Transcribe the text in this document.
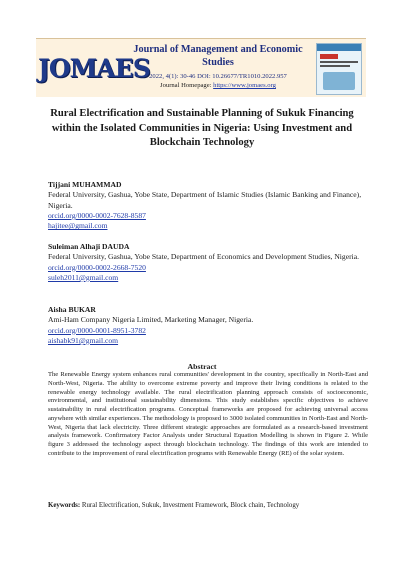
JOMAES
Journal of Management and Economic Studies
2022, 4(1): 30-46 DOI: 10.26677/TR1010.2022.957
Journal Homepage: https://www.jomaes.org
Rural Electrification and Sustainable Planning of Sukuk Financing within the Isolated Communities in Nigeria: Using Investment and Blockchain Technology
Tijjani MUHAMMAD
Federal University, Gashua, Yobe State, Department of Islamic Studies (Islamic Banking and Finance), Nigeria.
orcid.org/0000-0002-7628-8587
hajitee@gmail.com
Suleiman Alhaji DAUDA
Federal University, Gashua, Yobe State, Department of Economics and Development Studies, Nigeria.
orcid.org/0000-0002-2668-7520
suleh2011@gmail.com
Aisha BUKAR
Ami-Ham Company Nigeria Limited, Marketing Manager, Nigeria.
orcid.org/0000-0001-8951-3782
aishabk91@gmail.com
Abstract
The Renewable Energy system enhances rural communities' development in the country, specifically in North-East and North-West, Nigeria. The ability to overcome extreme poverty and improve their living conditions is related to the renewable energy technology available. The rural electrification planning approach consists of socioeconomic, environmental, and institutional sustainability dimensions. This study establishes specific objectives to achieve sustainability in rural electrification programs. Conceptual frameworks are proposed for achieving universal access anywhere with similar experiences. The methodology is proposed to 3000 isolated communities in North-East and North-West, Nigeria that lack electricity. Three different strategic approaches are formulated as a research-based investment analysis framework. Confirmatory Factor Analysis under Structural Equation Modelling is shown in Figure 2. While figure 3 addressed the technology aspect through blockchain technology. The findings of this work are intended to contribute to the improvement of rural electrification programs with Renewable Energy (RE) of the solar system.
Keywords: Rural Electrification, Sukuk, Investment Framework, Block chain, Technology
